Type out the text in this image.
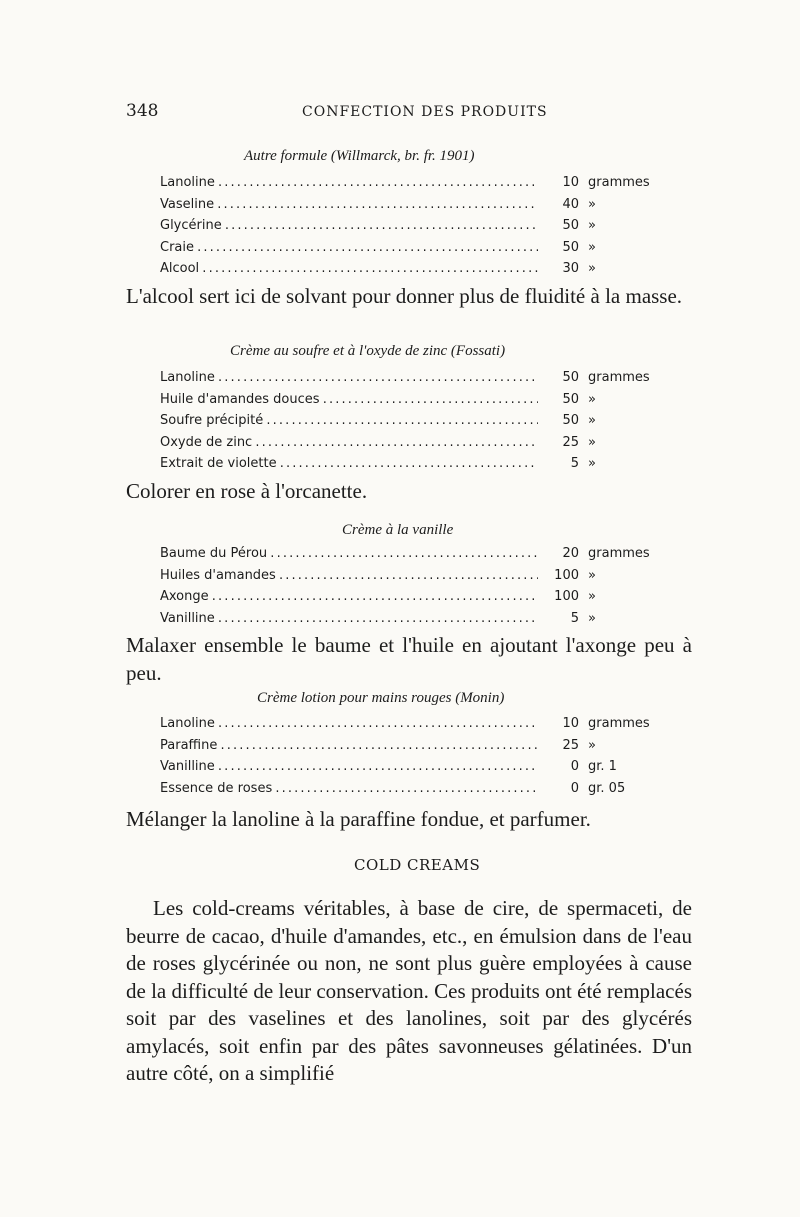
348	CONFECTION DES PRODUITS
Autre formule (Willmarck, br. fr. 1901)
Lanoline . . .	10 grammes
Vaseline . . .	40 »
Glycérine . . .	50 »
Craie . . .	50 »
Alcool . . .	30 »

L'alcool sert ici de solvant pour donner plus de fluidité à la masse.

Crème au soufre et à l'oxyde de zinc (Fossati)
Lanoline . . .	50 grammes
Huile d'amandes douces . . .	50 »
Soufre précipité . . .	50 »
Oxyde de zinc . . .	25 »
Extrait de violette . . .	5 »

Colorer en rose à l'orcanette.

Crème à la vanille
Baume du Pérou . . .	20 grammes
Huiles d'amandes . . .	100 »
Axonge . . .	100 »
Vanilline . . .	5 »

Malaxer ensemble le baume et l'huile en ajoutant l'axonge peu à peu.

Crème lotion pour mains rouges (Monin)
Lanoline . . .	10 grammes
Paraffine . . .	25 »
Vanilline . . .	0 gr. 1
Essence de roses . . .	0 gr. 05

Mélanger la lanoline à la paraffine fondue, et parfumer.

COLD CREAMS

Les cold-creams véritables, à base de cire, de spermaceti, de beurre de cacao, d'huile d'amandes, etc., en émulsion dans de l'eau de roses glycérinée ou non, ne sont plus guère employées à cause de la difficulté de leur conservation. Ces produits ont été remplacés soit par des vaselines et des lanolines, soit par des glycérés amylacés, soit enfin par des pâtes savonneuses gélatinées. D'un autre côté, on a simplifié
